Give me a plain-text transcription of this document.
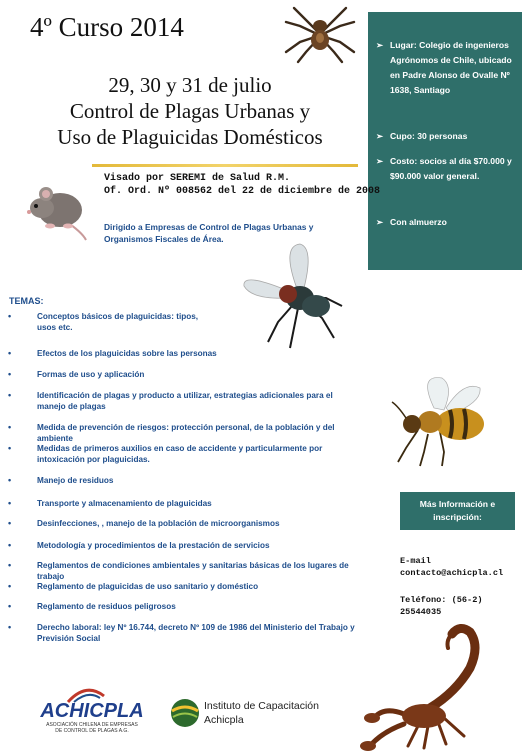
4º Curso 2014
29, 30 y 31 de julio
Control de Plagas Urbanas y
Uso de Plaguicidas Domésticos
➢ Lugar: Colegio de ingenieros Agrónomos de Chile, ubicado en Padre Alonso de Ovalle Nº 1638, Santiago
➢ Cupo: 30 personas
➢ Costo: socios al día $70.000 y $90.000 valor general.
➢ Con almuerzo
Visado por SEREMI de Salud R.M.
Of. Ord. Nº 008562 del 22 de diciembre de 2008
Dirigido a Empresas de Control de Plagas Urbanas y Organismos Fiscales de Área.
TEMAS:
•	Conceptos básicos de plaguicidas: tipos, usos etc.
•	Efectos de los plaguicidas sobre las personas
•	Formas de uso y aplicación
•	Identificación de plagas y producto a utilizar, estrategias adicionales para el manejo de plagas
•	Medida de prevención de riesgos: protección personal, de la población y del ambiente
•	Medidas de primeros auxilios en caso de accidente y particularmente por intoxicación por plaguicidas.
•	Manejo de residuos
•	Transporte y almacenamiento de plaguicidas
•	Desinfecciones, , manejo de la población de microorganismos
•	Metodología y procedimientos de la prestación de servicios
•	Reglamentos de condiciones ambientales y sanitarias básicas de los lugares de trabajo
•	Reglamento de plaguicidas de uso sanitario y doméstico
•	Reglamento de residuos peligrosos
•	Derecho laboral: ley Nº 16.744, decreto Nº 109 de 1986 del Ministerio del Trabajo y Previsión Social
Más Información e
inscripción:
E-mail
contacto@achicpla.cl
Teléfono: (56-2)
25544035
ACHICPLA
ASOCIACIÓN CHILENA DE EMPRESAS
DE CONTROL DE PLAGAS A.G.
Instituto de Capacitación
Achicpla
